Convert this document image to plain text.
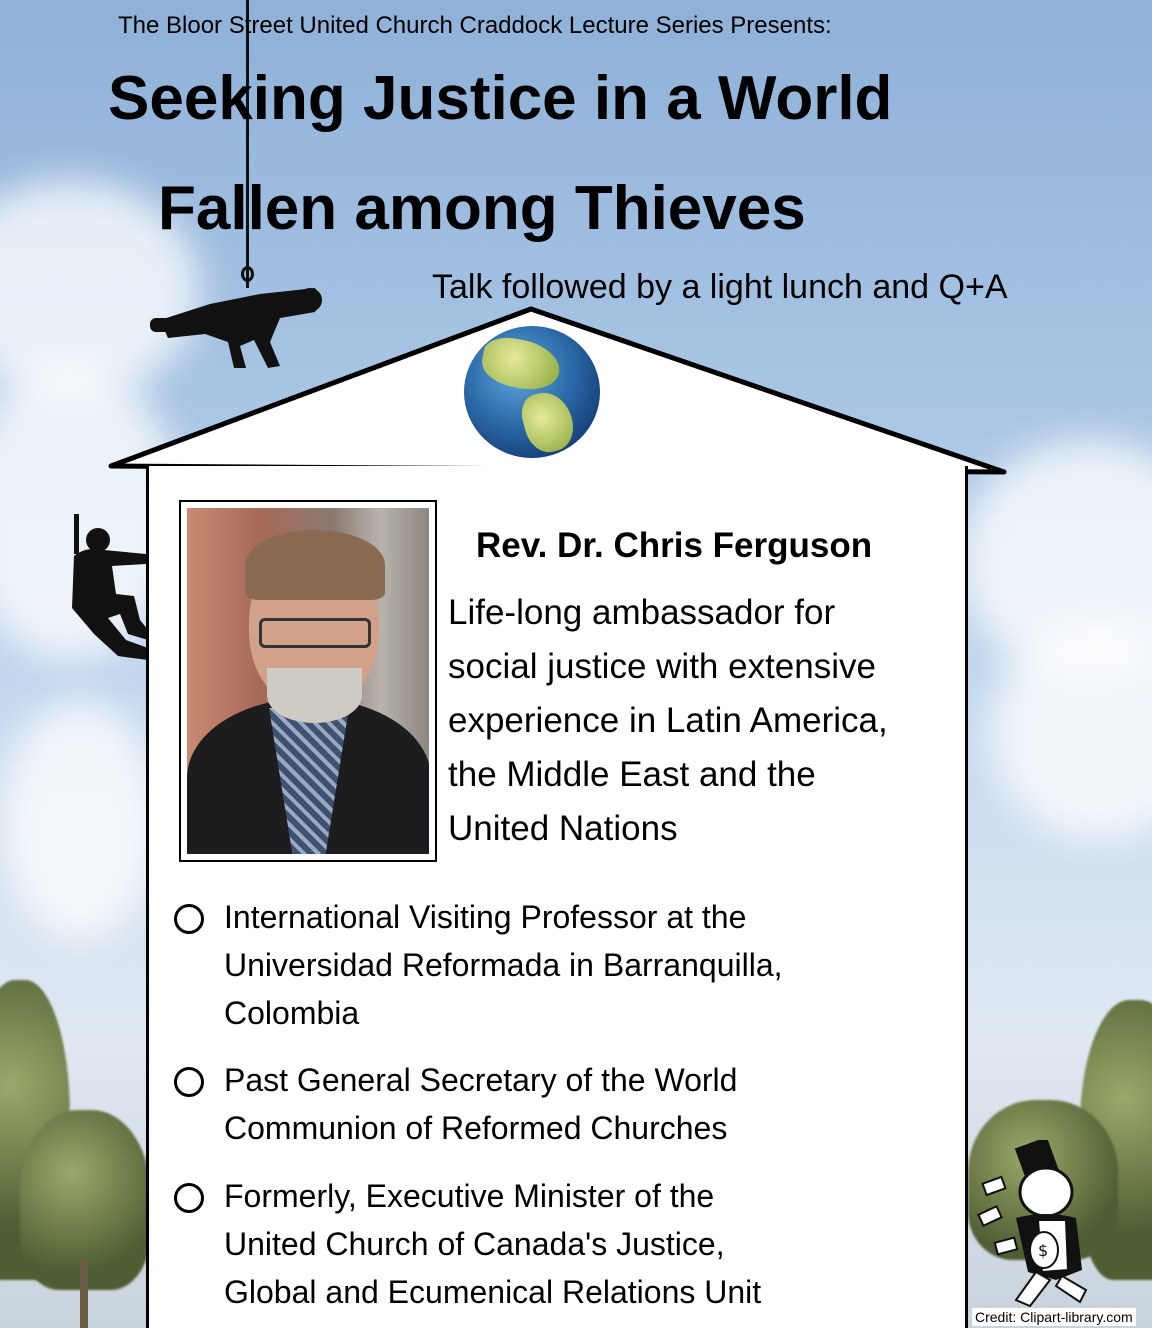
The Bloor Street United Church Craddock Lecture Series Presents:
Seeking Justice in a World
Fallen among Thieves
Talk followed by a light lunch and Q+A
Rev. Dr. Chris Ferguson
Life-long ambassador for
social justice with extensive
experience in Latin America,
the Middle East and the
United Nations
International Visiting Professor at the
Universidad Reformada in Barranquilla,
Colombia
Past General Secretary of the World
Communion of Reformed Churches
Formerly, Executive Minister of the
United Church of Canada's Justice,
Global and Ecumenical Relations Unit
$
Credit: Clipart-library.com
